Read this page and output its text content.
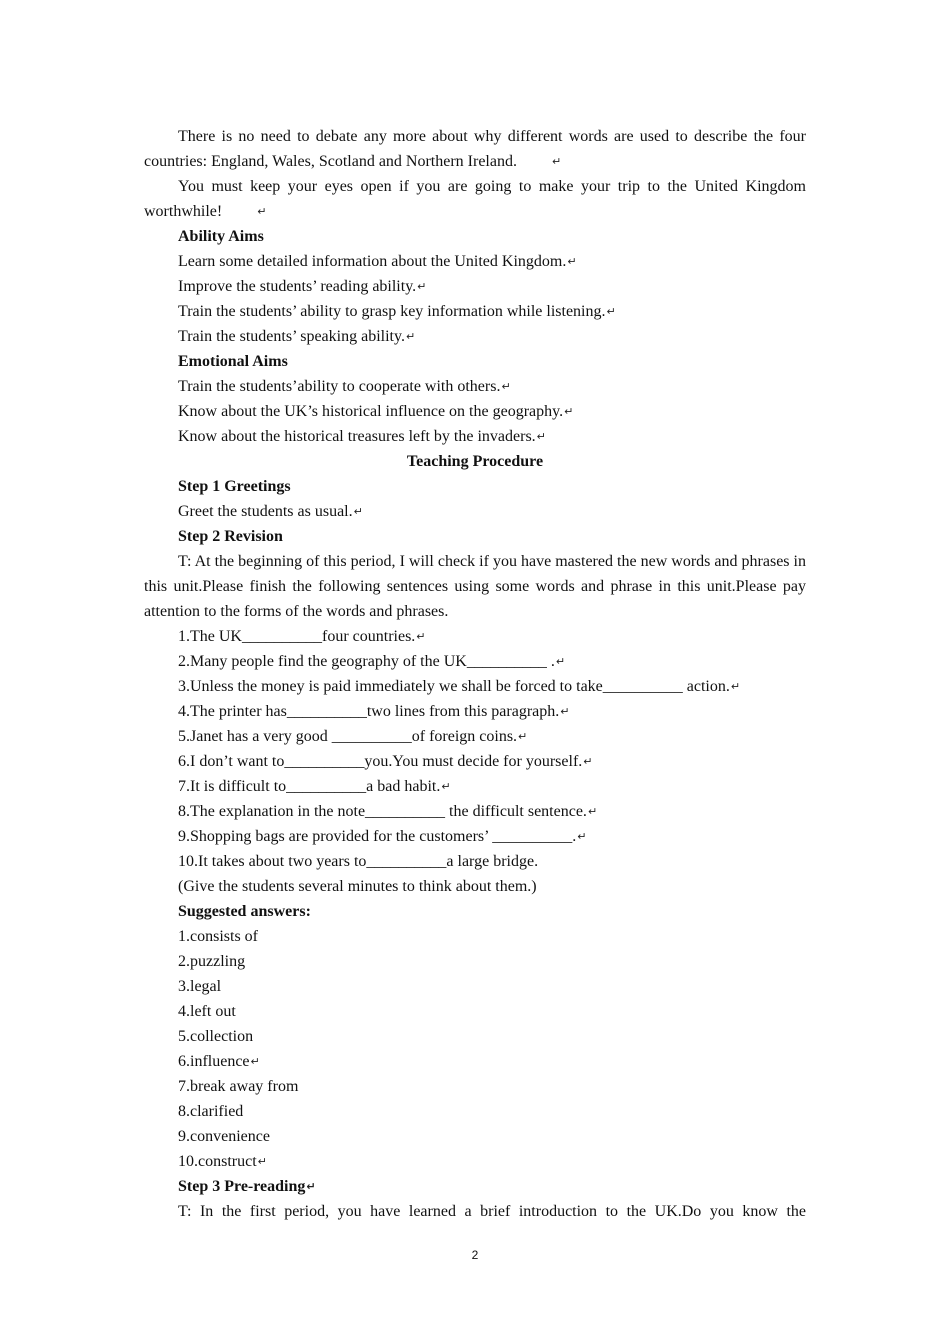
There is no need to debate any more about why different words are used to describe the four countries: England, Wales, Scotland and Northern Ireland.	↵

You must keep your eyes open if you are going to make your trip to the United Kingdom worthwhile!	↵

Ability Aims

Learn some detailed information about the United Kingdom.↵

Improve the students’ reading ability.↵

Train the students’ ability to grasp key information while listening.↵

Train the students’ speaking ability.↵

Emotional Aims

Train the students’ability to cooperate with others.↵

Know about the UK’s historical influence on the geography.↵

Know about the historical treasures left by the invaders.↵

Teaching Procedure

Step 1 Greetings

Greet the students as usual.↵

Step 2 Revision

T: At the beginning of this period, I will check if you have mastered the new words and phrases in this unit.Please finish the following sentences using some words and phrase in this unit.Please pay attention to the forms of the words and phrases.

1.The UK__________four countries.↵

2.Many people find the geography of the UK__________ .↵

3.Unless the money is paid immediately we shall be forced to take__________ action.↵

4.The printer has__________two lines from this paragraph.↵

5.Janet has a very good __________of foreign coins.↵

6.I don’t want to__________you.You must decide for yourself.↵

7.It is difficult to__________a bad habit.↵

8.The explanation in the note__________ the difficult sentence.↵

9.Shopping bags are provided for the customers’ __________.↵

10.It takes about two years to__________a large bridge.

(Give the students several minutes to think about them.)

Suggested answers:

1.consists of

2.puzzling

3.legal

4.left out

5.collection

6.influence↵

7.break away from

8.clarified

9.convenience

10.construct↵

Step 3 Pre-reading↵

T: In the first period, you have learned a brief introduction to the UK.Do you know the

2
